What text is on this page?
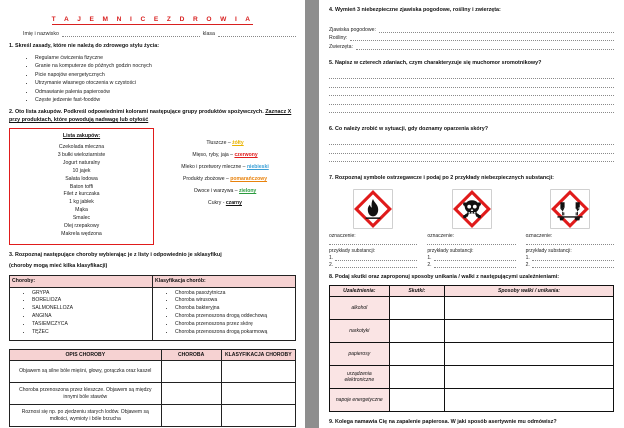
T A J E M N I C E Z D R O W I A
Imię i nazwisko	klasa
1. Skreśl zasady, które nie należą do zdrowego stylu życia:
• Regularne ćwiczenia fizyczne
• Granie na komputerze do późnych godzin nocnych
• Picie napojów energetycznych
• Utrzymanie własnego otoczenia w czystości
• Odmawianie palenia papierosów
• Częste jedzenie fast-foodów
2. Oto lista zakupów. Podkreśl odpowiednimi kolorami następujące grupy produktów spożywczych. Zaznacz X przy produktach, które powodują nadwagę lub otyłość
Lista zakupów:
Czekolada mleczna
3 bułki wieloziarniste
Jogurt naturalny
10 jajek
Sałata lodowa
Baton toffi
Filet z kurczaka
1 kg jabłek
Mąka
Smalec
Olej rzepakowy
Makrela wędzona
Tłuszcze – żółty
Mięso, ryby, jaja – czerwony
Mleko i przetwory mleczne – niebieski
Produkty zbożowe – pomarańczowy
Owoce i warzywa – zielony
Cukry - czarny
3. Rozpoznaj następujące choroby wybierając je z listy i odpowiednio je sklasyfikuj
(choroby mogą mieć kilka klasyfikacji)
Choroby:	Klasyfikacja chorób:

• GRYPA
• BORELIOZA
• SALMONELLOZA
• ANGINA
• TASIEMCZYCA
• TĘŻEC

• Choroba pasożytnicza
• Choroba wirusowa
• Choroba bakteryjna
• Choroba przenoszona drogą oddechową
• Choroba przenoszona przez skórę
• Choroba przenoszona drogą pokarmową
OPIS CHOROBY	CHOROBA	KLASYFIKACJA CHOROBY
Objawem są silne bóle mięśni, głowy, gorączka oraz kaszel		
Choroba przenoszona przez kleszcze. Objawem są między innymi bóle stawów		
Roznosi się np. po zjedzeniu starych lodów. Objawem są mdłości, wymioty i bóle brzucha		
4. Wymień 3 niebezpieczne zjawiska pogodowe, rośliny i zwierzęta:
Zjawiska pogodowe:
Rośliny:
Zwierzęta:
5. Napisz w czterech zdaniach, czym charakteryzuje się muchomor sromotnikowy?
6. Co należy zrobić w sytuacji, gdy doznamy oparzenia skóry?
7. Rozpoznaj symbole ostrzegawcze i podaj po 2 przykłady niebezpiecznych substancji:
oznaczenie:
przykłady substancji:
1.
2.
oznaczenie:
przykłady substancji:
1.
2.
oznaczenie:
przykłady substancji:
1.
2.
8. Podaj skutki oraz zaproponuj sposoby unikania / walki z następującymi uzależnieniami:
Uzależnienia:	Skutki:	Sposoby walki / unikania:
alkohol		
narkotyki		
papierosy		
urządzenia elektroniczne		
napoje energetyczne		
9. Kolega namawia Cię na zapalenie papierosa. W jaki sposób asertywnie mu odmówisz?
